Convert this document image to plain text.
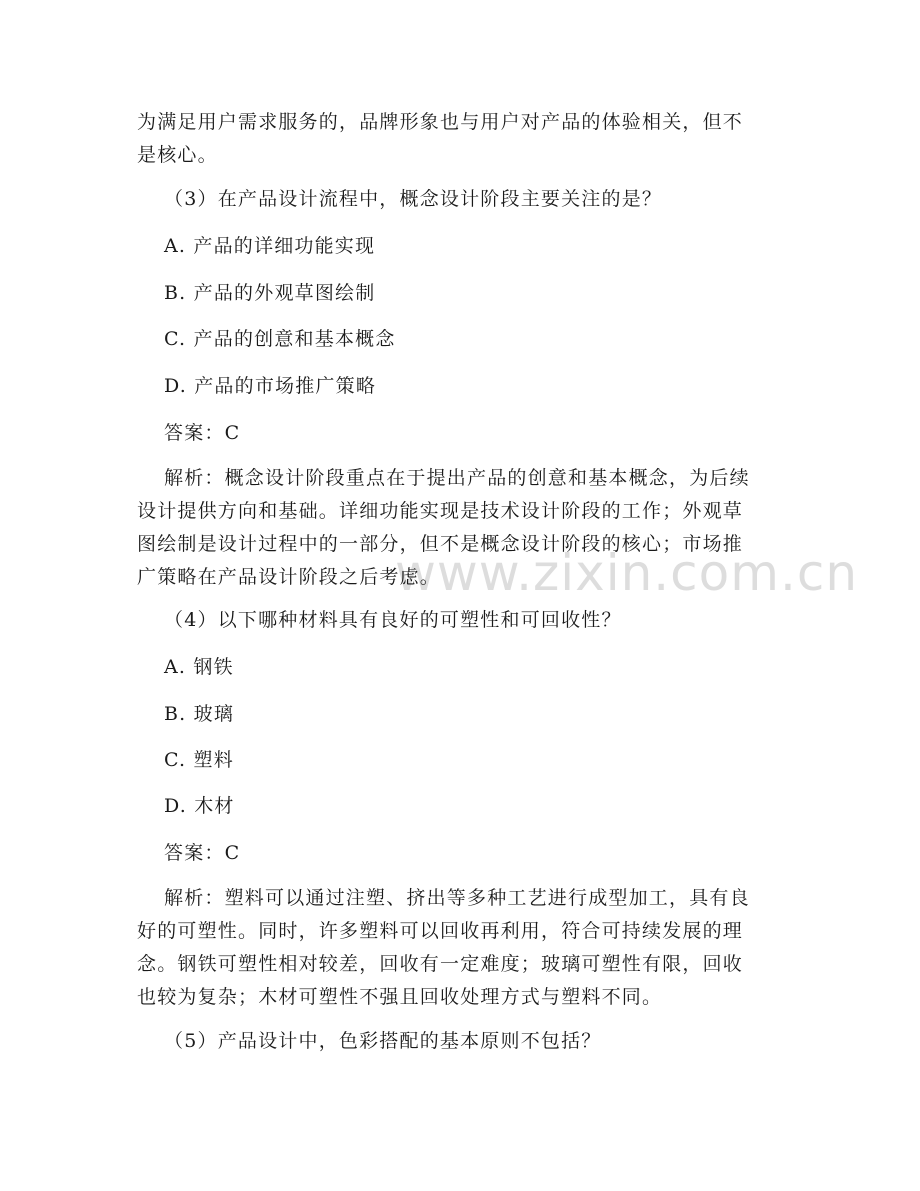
www.zixin.com.cn
为满足用户需求服务的，品牌形象也与用户对产品的体验相关，但不
是核心。
（3）在产品设计流程中，概念设计阶段主要关注的是？
A. 产品的详细功能实现
B. 产品的外观草图绘制
C. 产品的创意和基本概念
D. 产品的市场推广策略
答案：C
解析：概念设计阶段重点在于提出产品的创意和基本概念，为后续
设计提供方向和基础。详细功能实现是技术设计阶段的工作；外观草
图绘制是设计过程中的一部分，但不是概念设计阶段的核心；市场推
广策略在产品设计阶段之后考虑。
（4）以下哪种材料具有良好的可塑性和可回收性？
A. 钢铁
B. 玻璃
C. 塑料
D. 木材
答案：C
解析：塑料可以通过注塑、挤出等多种工艺进行成型加工，具有良
好的可塑性。同时，许多塑料可以回收再利用，符合可持续发展的理
念。钢铁可塑性相对较差，回收有一定难度；玻璃可塑性有限，回收
也较为复杂；木材可塑性不强且回收处理方式与塑料不同。
（5）产品设计中，色彩搭配的基本原则不包括？
